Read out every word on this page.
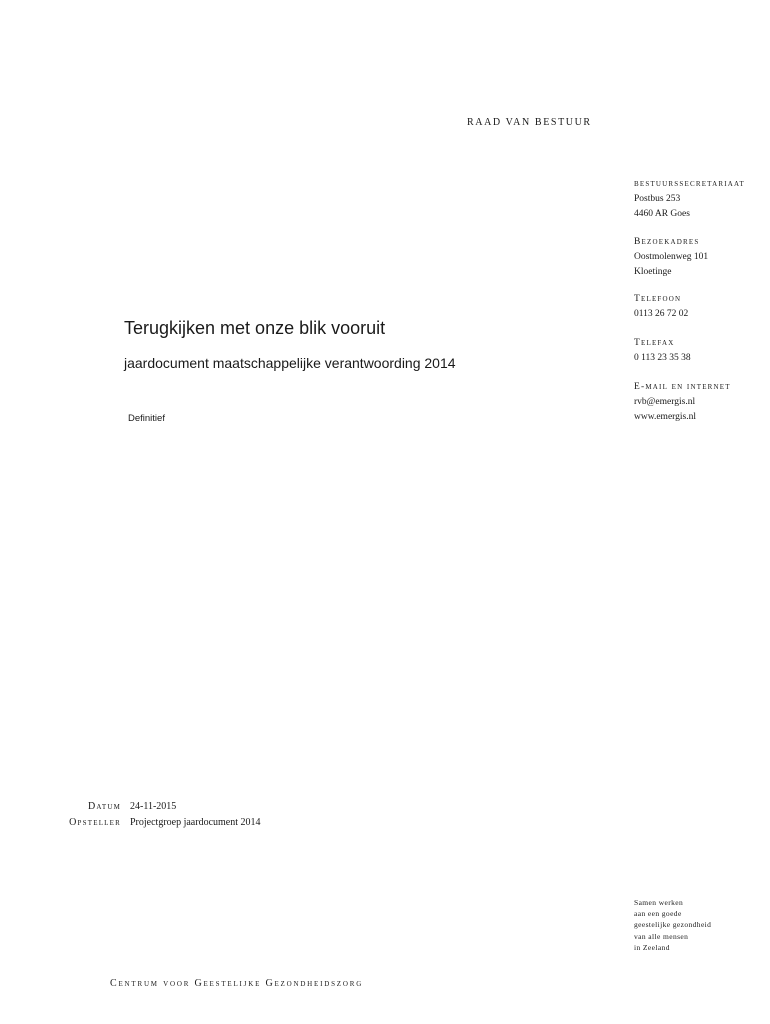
RAAD VAN BESTUUR
bestuurssecretariaat
Postbus 253
4460 AR Goes
Bezoekadres
Oostmolenweg 101
Kloetinge
Telefoon
0113 26 72 02
Telefax
0 113 23 35 38
E-mail en internet
rvb@emergis.nl
www.emergis.nl
Terugkijken met onze blik vooruit
jaardocument maatschappelijke verantwoording 2014
Definitief
Datum 24-11-2015
Opsteller Projectgroep jaardocument 2014
Samen werken
aan een goede
geestelijke gezondheid
van alle mensen
in Zeeland
Centrum voor Geestelijke Gezondheidszorg
